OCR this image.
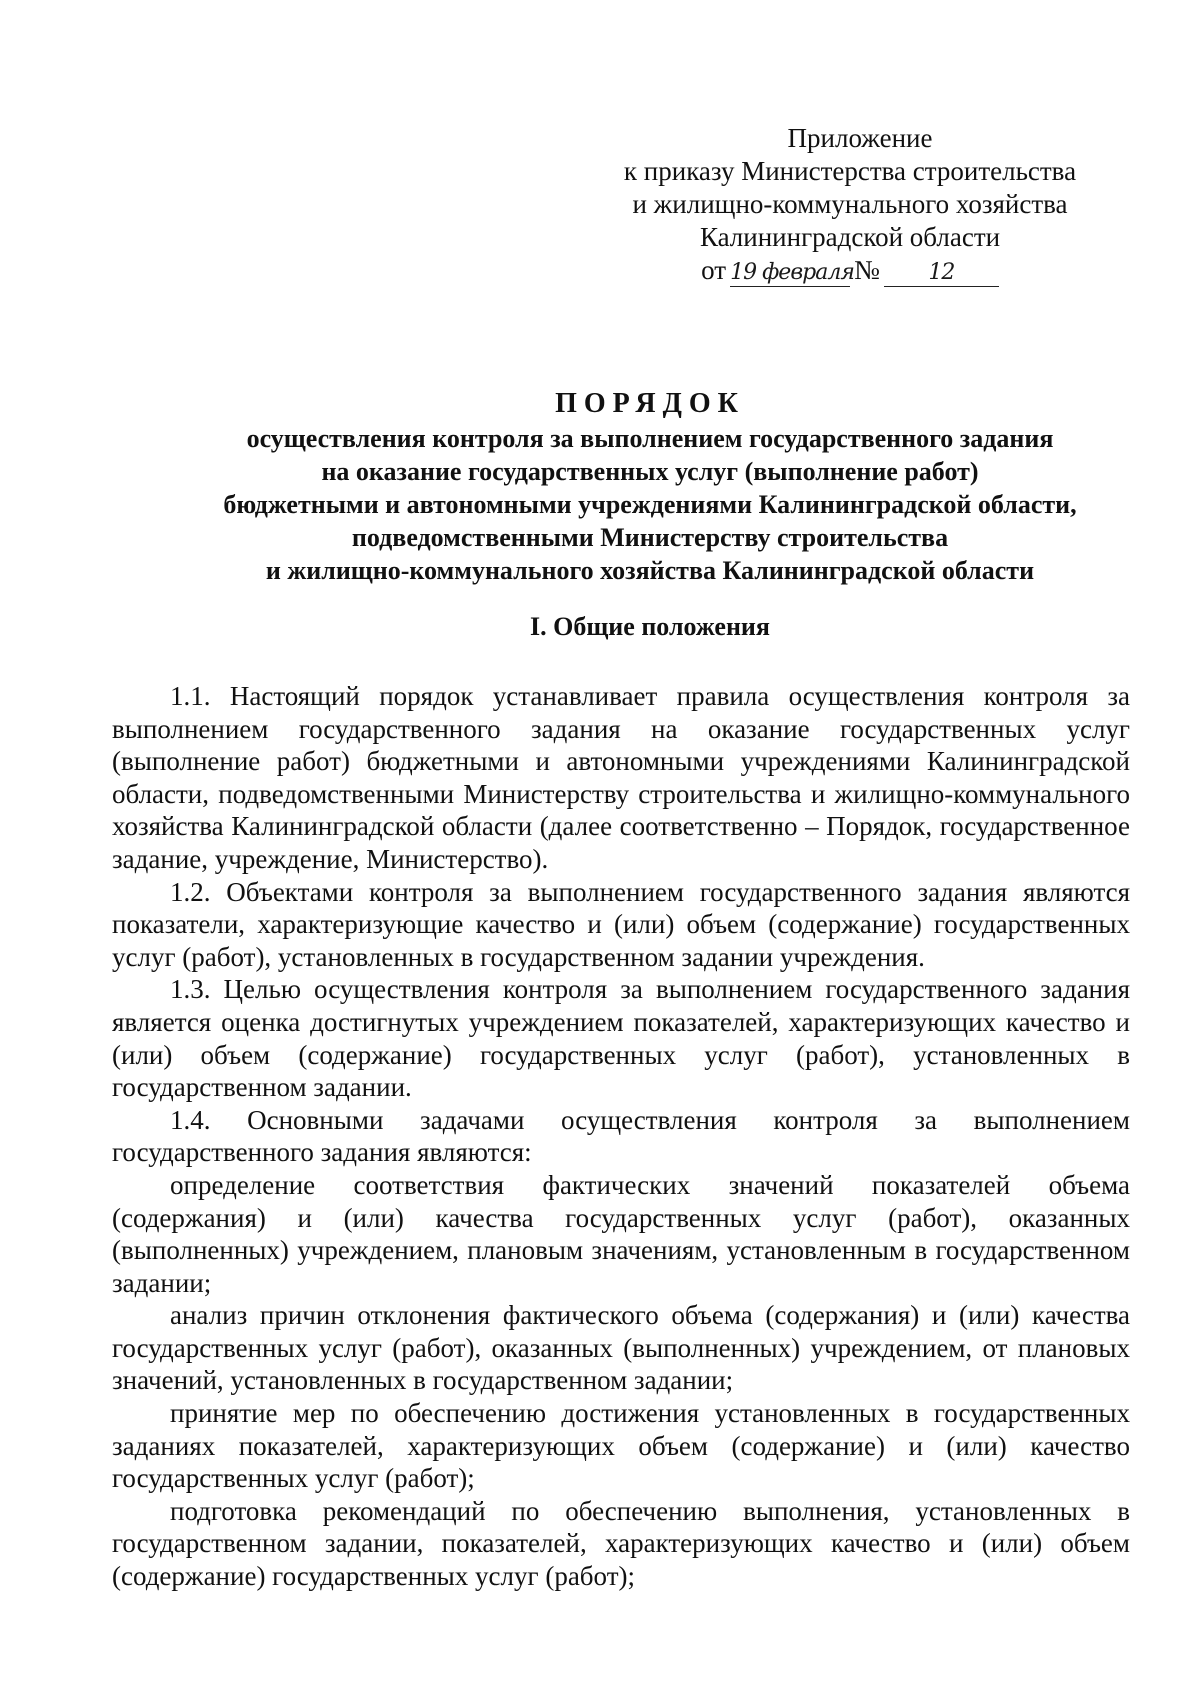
Приложение
к приказу Министерства строительства
и жилищно-коммунального хозяйства
Калининградской области
от 19 февраля №	12
ПОРЯДОК
осуществления контроля за выполнением государственного задания
на оказание государственных услуг (выполнение работ)
бюджетными и автономными учреждениями Калининградской области,
подведомственными Министерству строительства
и жилищно-коммунального хозяйства Калининградской области
I. Общие положения

1.1. Настоящий порядок устанавливает правила осуществления контроля за выполнением государственного задания на оказание государственных услуг (выполнение работ) бюджетными и автономными учреждениями Калининградской области, подведомственными Министерству строительства и жилищно-коммунального хозяйства Калининградской области (далее соответственно – Порядок, государственное задание, учреждение, Министерство).

1.2. Объектами контроля за выполнением государственного задания являются показатели, характеризующие качество и (или) объем (содержание) государственных услуг (работ), установленных в государственном задании учреждения.

1.3. Целью осуществления контроля за выполнением государственного задания является оценка достигнутых учреждением показателей, характеризующих качество и (или) объем (содержание) государственных услуг (работ), установленных в государственном задании.

1.4. Основными задачами осуществления контроля за выполнением государственного задания являются:

определение соответствия фактических значений показателей объема (содержания) и (или) качества государственных услуг (работ), оказанных (выполненных) учреждением, плановым значениям, установленным в государственном задании;

анализ причин отклонения фактического объема (содержания) и (или) качества государственных услуг (работ), оказанных (выполненных) учреждением, от плановых значений, установленных в государственном задании;

принятие мер по обеспечению достижения установленных в государственных заданиях показателей, характеризующих объем (содержание) и (или) качество государственных услуг (работ);

подготовка рекомендаций по обеспечению выполнения, установленных в государственном задании, показателей, характеризующих качество и (или) объем (содержание) государственных услуг (работ);
